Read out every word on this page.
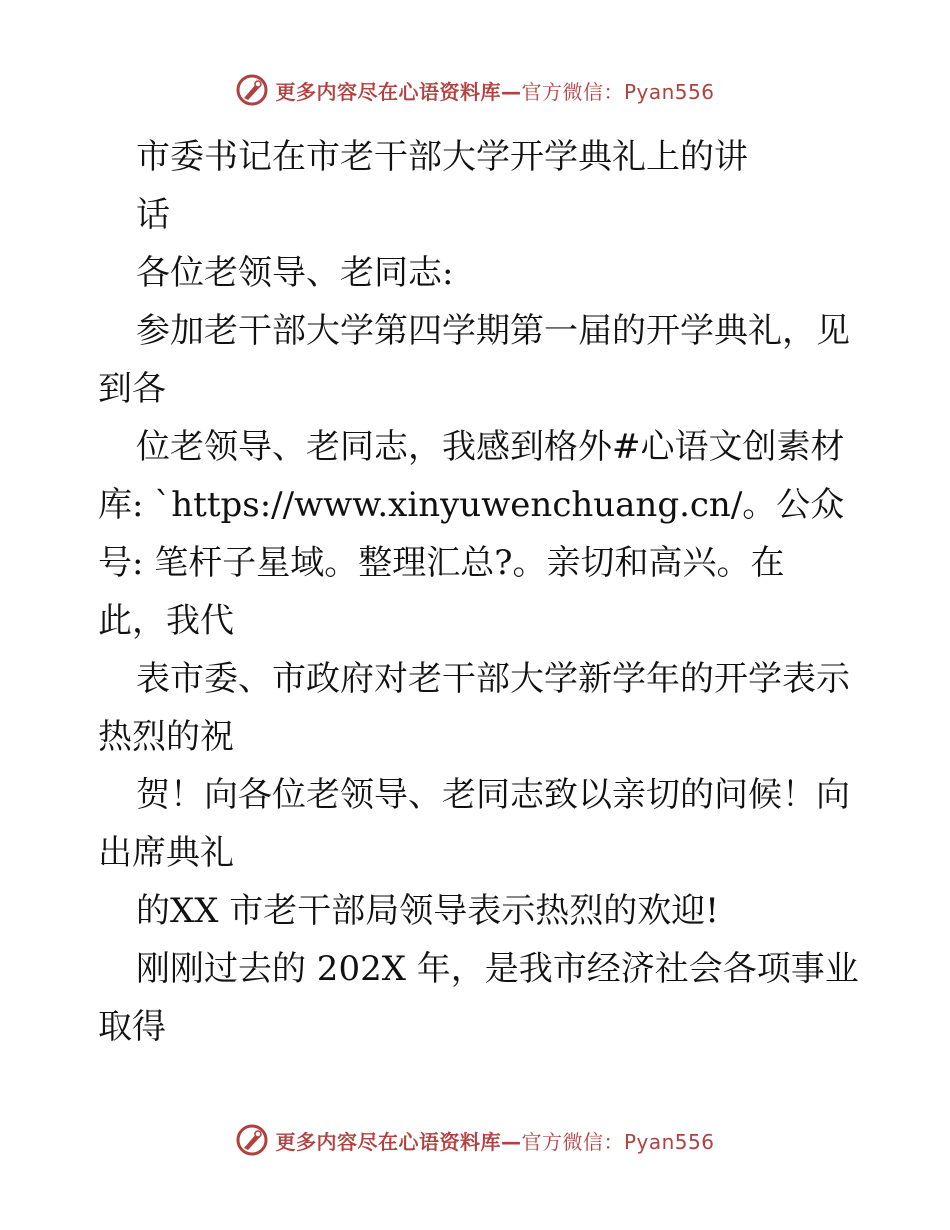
更多内容尽在心语资料库—官方微信：Pyan556
市委书记在市老干部大学开学典礼上的讲
话
各位老领导、老同志:
参加老干部大学第四学期第一届的开学典礼，见
到各
位老领导、老同志，我感到格外#心语文创素材
库: `https://www.xinyuwenchuang.cn/。公众
号: 笔杆子星域。整理汇总?。亲切和高兴。在
此，我代
表市委、市政府对老干部大学新学年的开学表示
热烈的祝
贺！向各位老领导、老同志致以亲切的问候！向
出席典礼
的XX 市老干部局领导表示热烈的欢迎!
刚刚过去的 202X 年，是我市经济社会各项事业
取得
更多内容尽在心语资料库—官方微信：Pyan556
